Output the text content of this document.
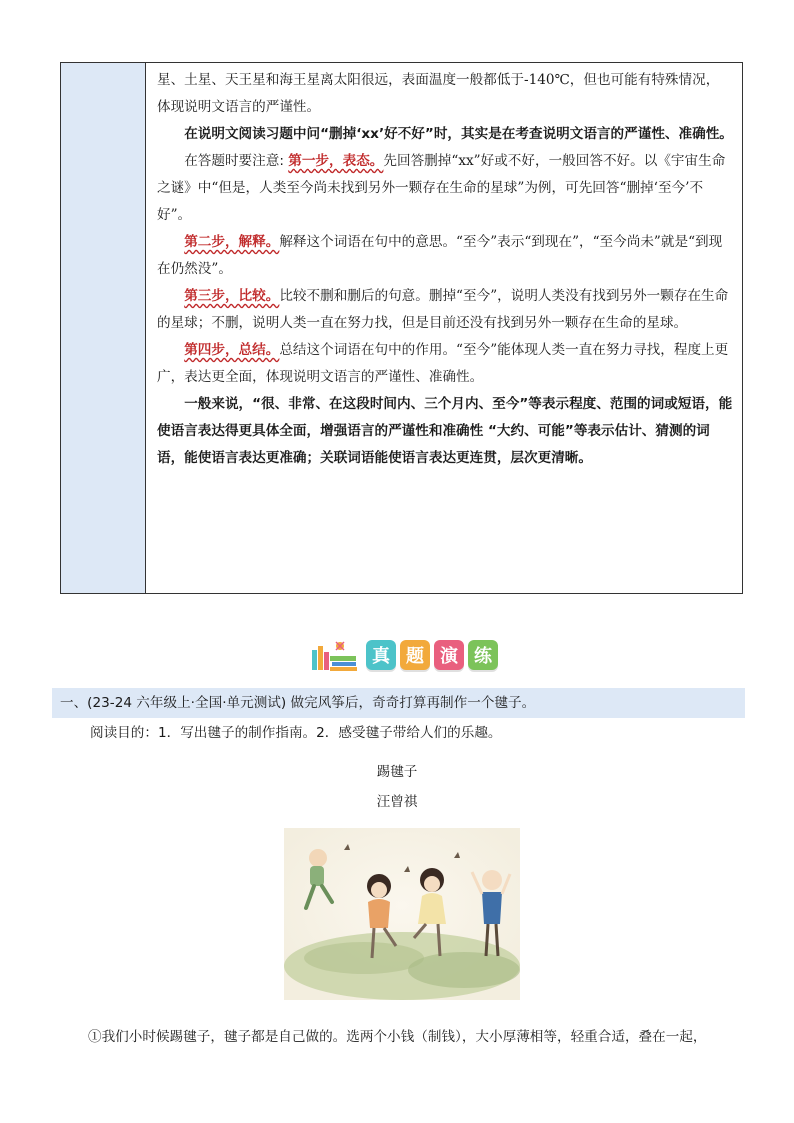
星、土星、天王星和海王星离太阳很远，表面温度一般都低于-140℃，但也可能有特殊情况，

体现说明文语言的严谨性。

在说明文阅读习题中问“删掉‘xx’好不好”时，其实是在考查说明文语言的严谨性、准确性。

在答题时要注意: 第一步，表态。先回答删掉“xx”好或不好，一般回答不好。以《宇宙生命之谜》中“但是，人类至今尚未找到另外一颗存在生命的星球”为例，可先回答“删掉‘至今’不好”。

第二步，解释。解释这个词语在句中的意思。“至今”表示“到现在”，“至今尚未”就是“到现在仍然没”。

第三步，比较。比较不删和删后的句意。删掉“至今”，说明人类没有找到另外一颗存在生命的星球；不删，说明人类一直在努力找，但是目前还没有找到另外一颗存在生命的星球。

第四步，总结。总结这个词语在句中的作用。“至今”能体现人类一直在努力寻找，程度上更广，表达更全面，体现说明文语言的严谨性、准确性。

一般来说，“很、非常、在这段时间内、三个月内、至今”等表示程度、范围的词或短语，能使语言表达得更具体全面，增强语言的严谨性和准确性 “大约、可能”等表示估计、猜测的词语，能使语言表达更准确；关联词语能使语言表达更连贯，层次更清晰。

真 题 演 练
一、(23-24 六年级上·全国·单元测试) 做完风筝后，奇奇打算再制作一个毽子。
阅读目的：1．写出毽子的制作指南。2．感受毽子带给人们的乐趣。
踢毽子
汪曾祺
①我们小时候踢毽子，毽子都是自己做的。选两个小钱（制钱），大小厚薄相等，轻重合适，叠在一起，
